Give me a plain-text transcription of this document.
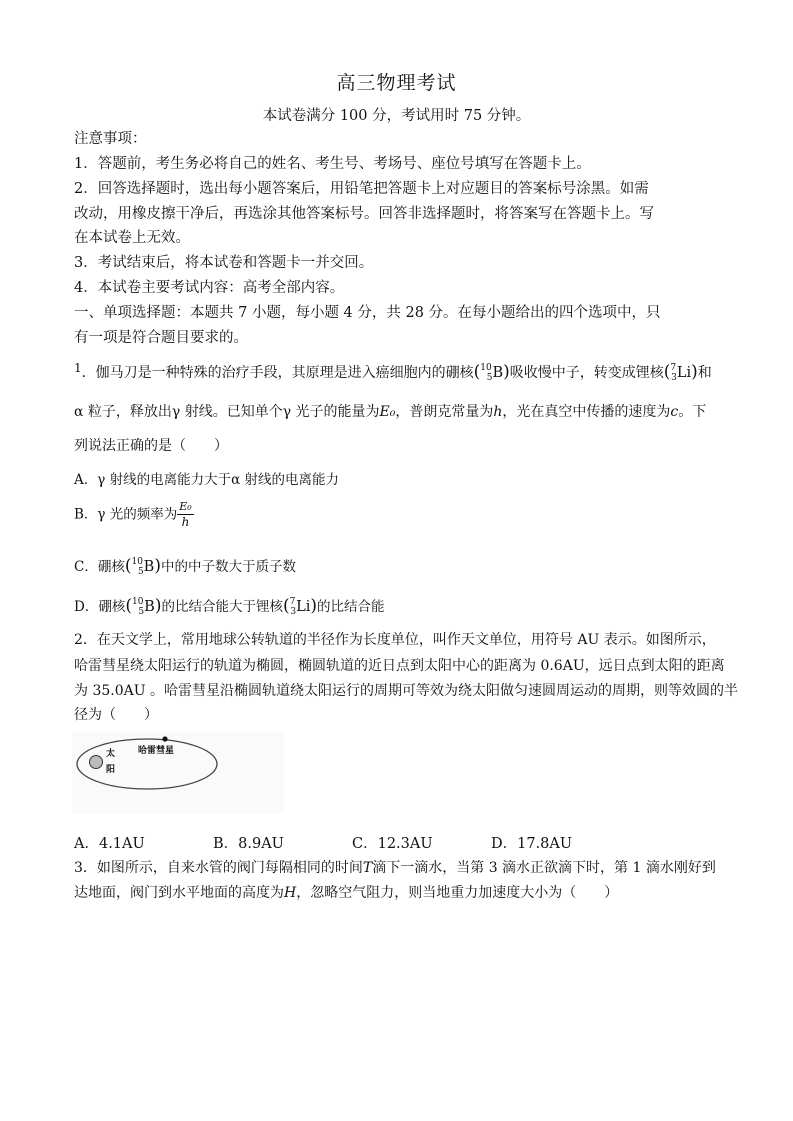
高三物理考试
本试卷满分 100 分，考试用时 75 分钟。
注意事项：
1．答题前，考生务必将自己的姓名、考生号、考场号、座位号填写在答题卡上。
2．回答选择题时，选出每小题答案后，用铅笔把答题卡上对应题目的答案标号涂黑。如需
改动，用橡皮擦干净后，再选涂其他答案标号。回答非选择题时，将答案写在答题卡上。写
在本试卷上无效。
3．考试结束后，将本试卷和答题卡一并交回。
4．本试卷主要考试内容：高考全部内容。
一、单项选择题：本题共 7 小题，每小题 4 分，共 28 分。在每小题给出的四个选项中，只
有一项是符合题目要求的。
1．伽马刀是一种特殊的治疗手段，其原理是进入癌细胞内的硼核($^{10}_5$B)吸收慢中子，转变成锂核($^7_3$Li)和
α 粒子，释放出γ 射线。已知单个γ 光子的能量为E₀，普朗克常量为h，光在真空中传播的速度为c。下
列说法正确的是（　　）
A．γ 射线的电离能力大于α 射线的电离能力
B．γ 光的频率为 $\frac{\text{E₀}}{h}$
C．硼核($^{10}_5$B)中的中子数大于质子数
D．硼核($^{10}_5$B)的比结合能大于锂核($^7_3$Li)的比结合能
2．在天文学上，常用地球公转轨道的半径作为长度单位，叫作天文单位，用符号 AU 表示。如图所示，
哈雷彗星绕太阳运行的轨道为椭圆，椭圆轨道的近日点到太阳中心的距离为 0.6AU，远日点到太阳的距离
为 35.0AU 。哈雷彗星沿椭圆轨道绕太阳运行的周期可等效为绕太阳做匀速圆周运动的周期，则等效圆的半
径为（　　）
太
阳
哈雷彗星
A．4.1AU	B．8.9AU	C．12.3AU	D．17.8AU
3．如图所示，自来水管的阀门每隔相同的时间T滴下一滴水，当第 3 滴水正欲滴下时，第 1 滴水刚好到
达地面，阀门到水平地面的高度为H，忽略空气阻力，则当地重力加速度大小为（　　）
